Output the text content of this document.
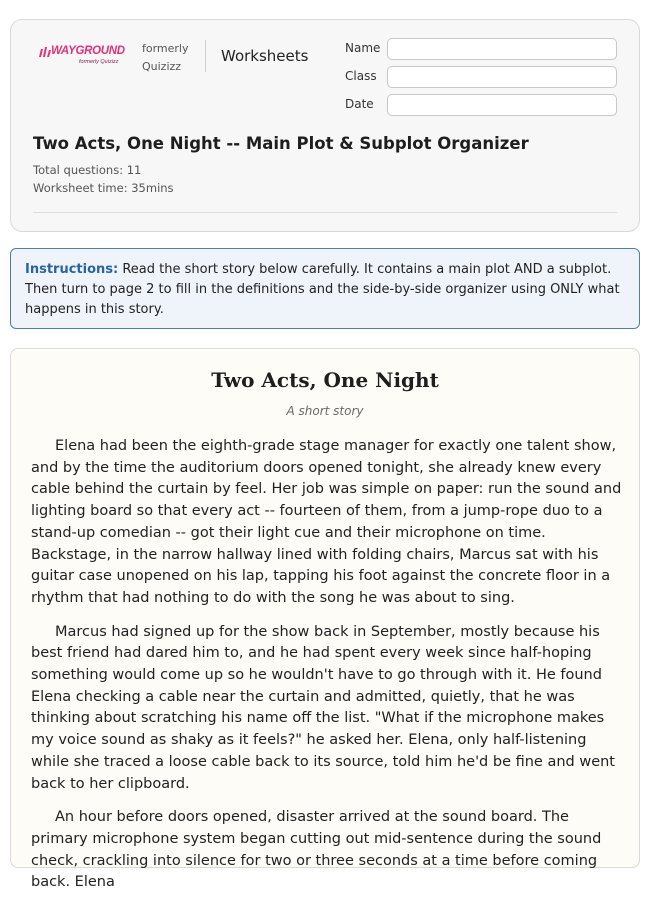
WAYGROUND
formerly Quizizz
formerly Quizizz
Worksheets	Name
Class
Date
Two Acts, One Night -- Main Plot & Subplot Organizer
Total questions: 11
Worksheet time: 35mins
Instructions: Read the short story below carefully. It contains a main plot AND a subplot. Then turn to page 2 to fill in the definitions and the side-by-side organizer using ONLY what happens in this story.
Two Acts, One Night
A short story

Elena had been the eighth-grade stage manager for exactly one talent show, and by the time the auditorium doors opened tonight, she already knew every cable behind the curtain by feel. Her job was simple on paper: run the sound and lighting board so that every act -- fourteen of them, from a jump-rope duo to a stand-up comedian -- got their light cue and their microphone on time. Backstage, in the narrow hallway lined with folding chairs, Marcus sat with his guitar case unopened on his lap, tapping his foot against the concrete floor in a rhythm that had nothing to do with the song he was about to sing.

Marcus had signed up for the show back in September, mostly because his best friend had dared him to, and he had spent every week since half-hoping something would come up so he wouldn't have to go through with it. He found Elena checking a cable near the curtain and admitted, quietly, that he was thinking about scratching his name off the list. "What if the microphone makes my voice sound as shaky as it feels?" he asked her. Elena, only half-listening while she traced a loose cable back to its source, told him he'd be fine and went back to her clipboard.

An hour before doors opened, disaster arrived at the sound board. The primary microphone system began cutting out mid-sentence during the sound check, crackling into silence for two or three seconds at a time before coming back. Elena
